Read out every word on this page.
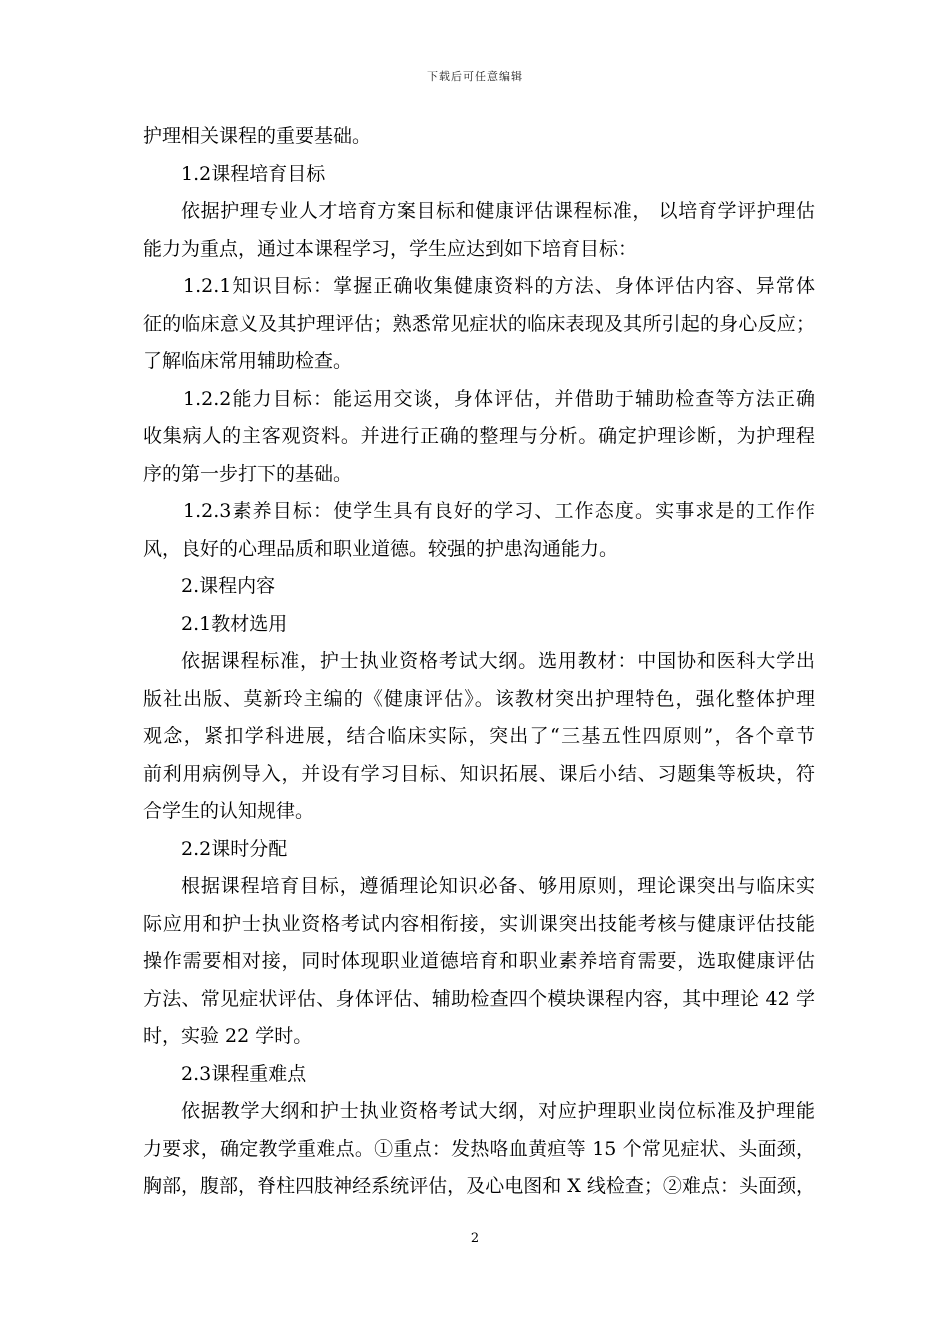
下载后可任意编辑
护理相关课程的重要基础。
1.2课程培育目标
依据护理专业人才培育方案目标和健康评估课程标准， 以培育学评护理估
能力为重点，通过本课程学习，学生应达到如下培育目标：
1.2.1知识目标：掌握正确收集健康资料的方法、身体评估内容、异常体
征的临床意义及其护理评估；熟悉常见症状的临床表现及其所引起的身心反应；
了解临床常用辅助检查。
1.2.2能力目标：能运用交谈，身体评估，并借助于辅助检查等方法正确
收集病人的主客观资料。并进行正确的整理与分析。确定护理诊断，为护理程
序的第一步打下的基础。
1.2.3素养目标：使学生具有良好的学习、工作态度。实事求是的工作作
风，良好的心理品质和职业道德。较强的护患沟通能力。
2.课程内容
2.1教材选用
依据课程标准，护士执业资格考试大纲。选用教材：中国协和医科大学出
版社出版、莫新玲主编的《健康评估》。该教材突出护理特色，强化整体护理
观念，紧扣学科进展，结合临床实际，突出了“三基五性四原则”，各个章节
前利用病例导入，并设有学习目标、知识拓展、课后小结、习题集等板块，符
合学生的认知规律。
2.2课时分配
根据课程培育目标，遵循理论知识必备、够用原则，理论课突出与临床实
际应用和护士执业资格考试内容相衔接，实训课突出技能考核与健康评估技能
操作需要相对接，同时体现职业道德培育和职业素养培育需要，选取健康评估
方法、常见症状评估、身体评估、辅助检查四个模块课程内容，其中理论 42 学
时，实验 22 学时。
2.3课程重难点
依据教学大纲和护士执业资格考试大纲，对应护理职业岗位标准及护理能
力要求，确定教学重难点。①重点：发热咯血黄疸等 15 个常见症状、头面颈，
胸部，腹部，脊柱四肢神经系统评估，及心电图和 X 线检查；②难点：头面颈，
2
